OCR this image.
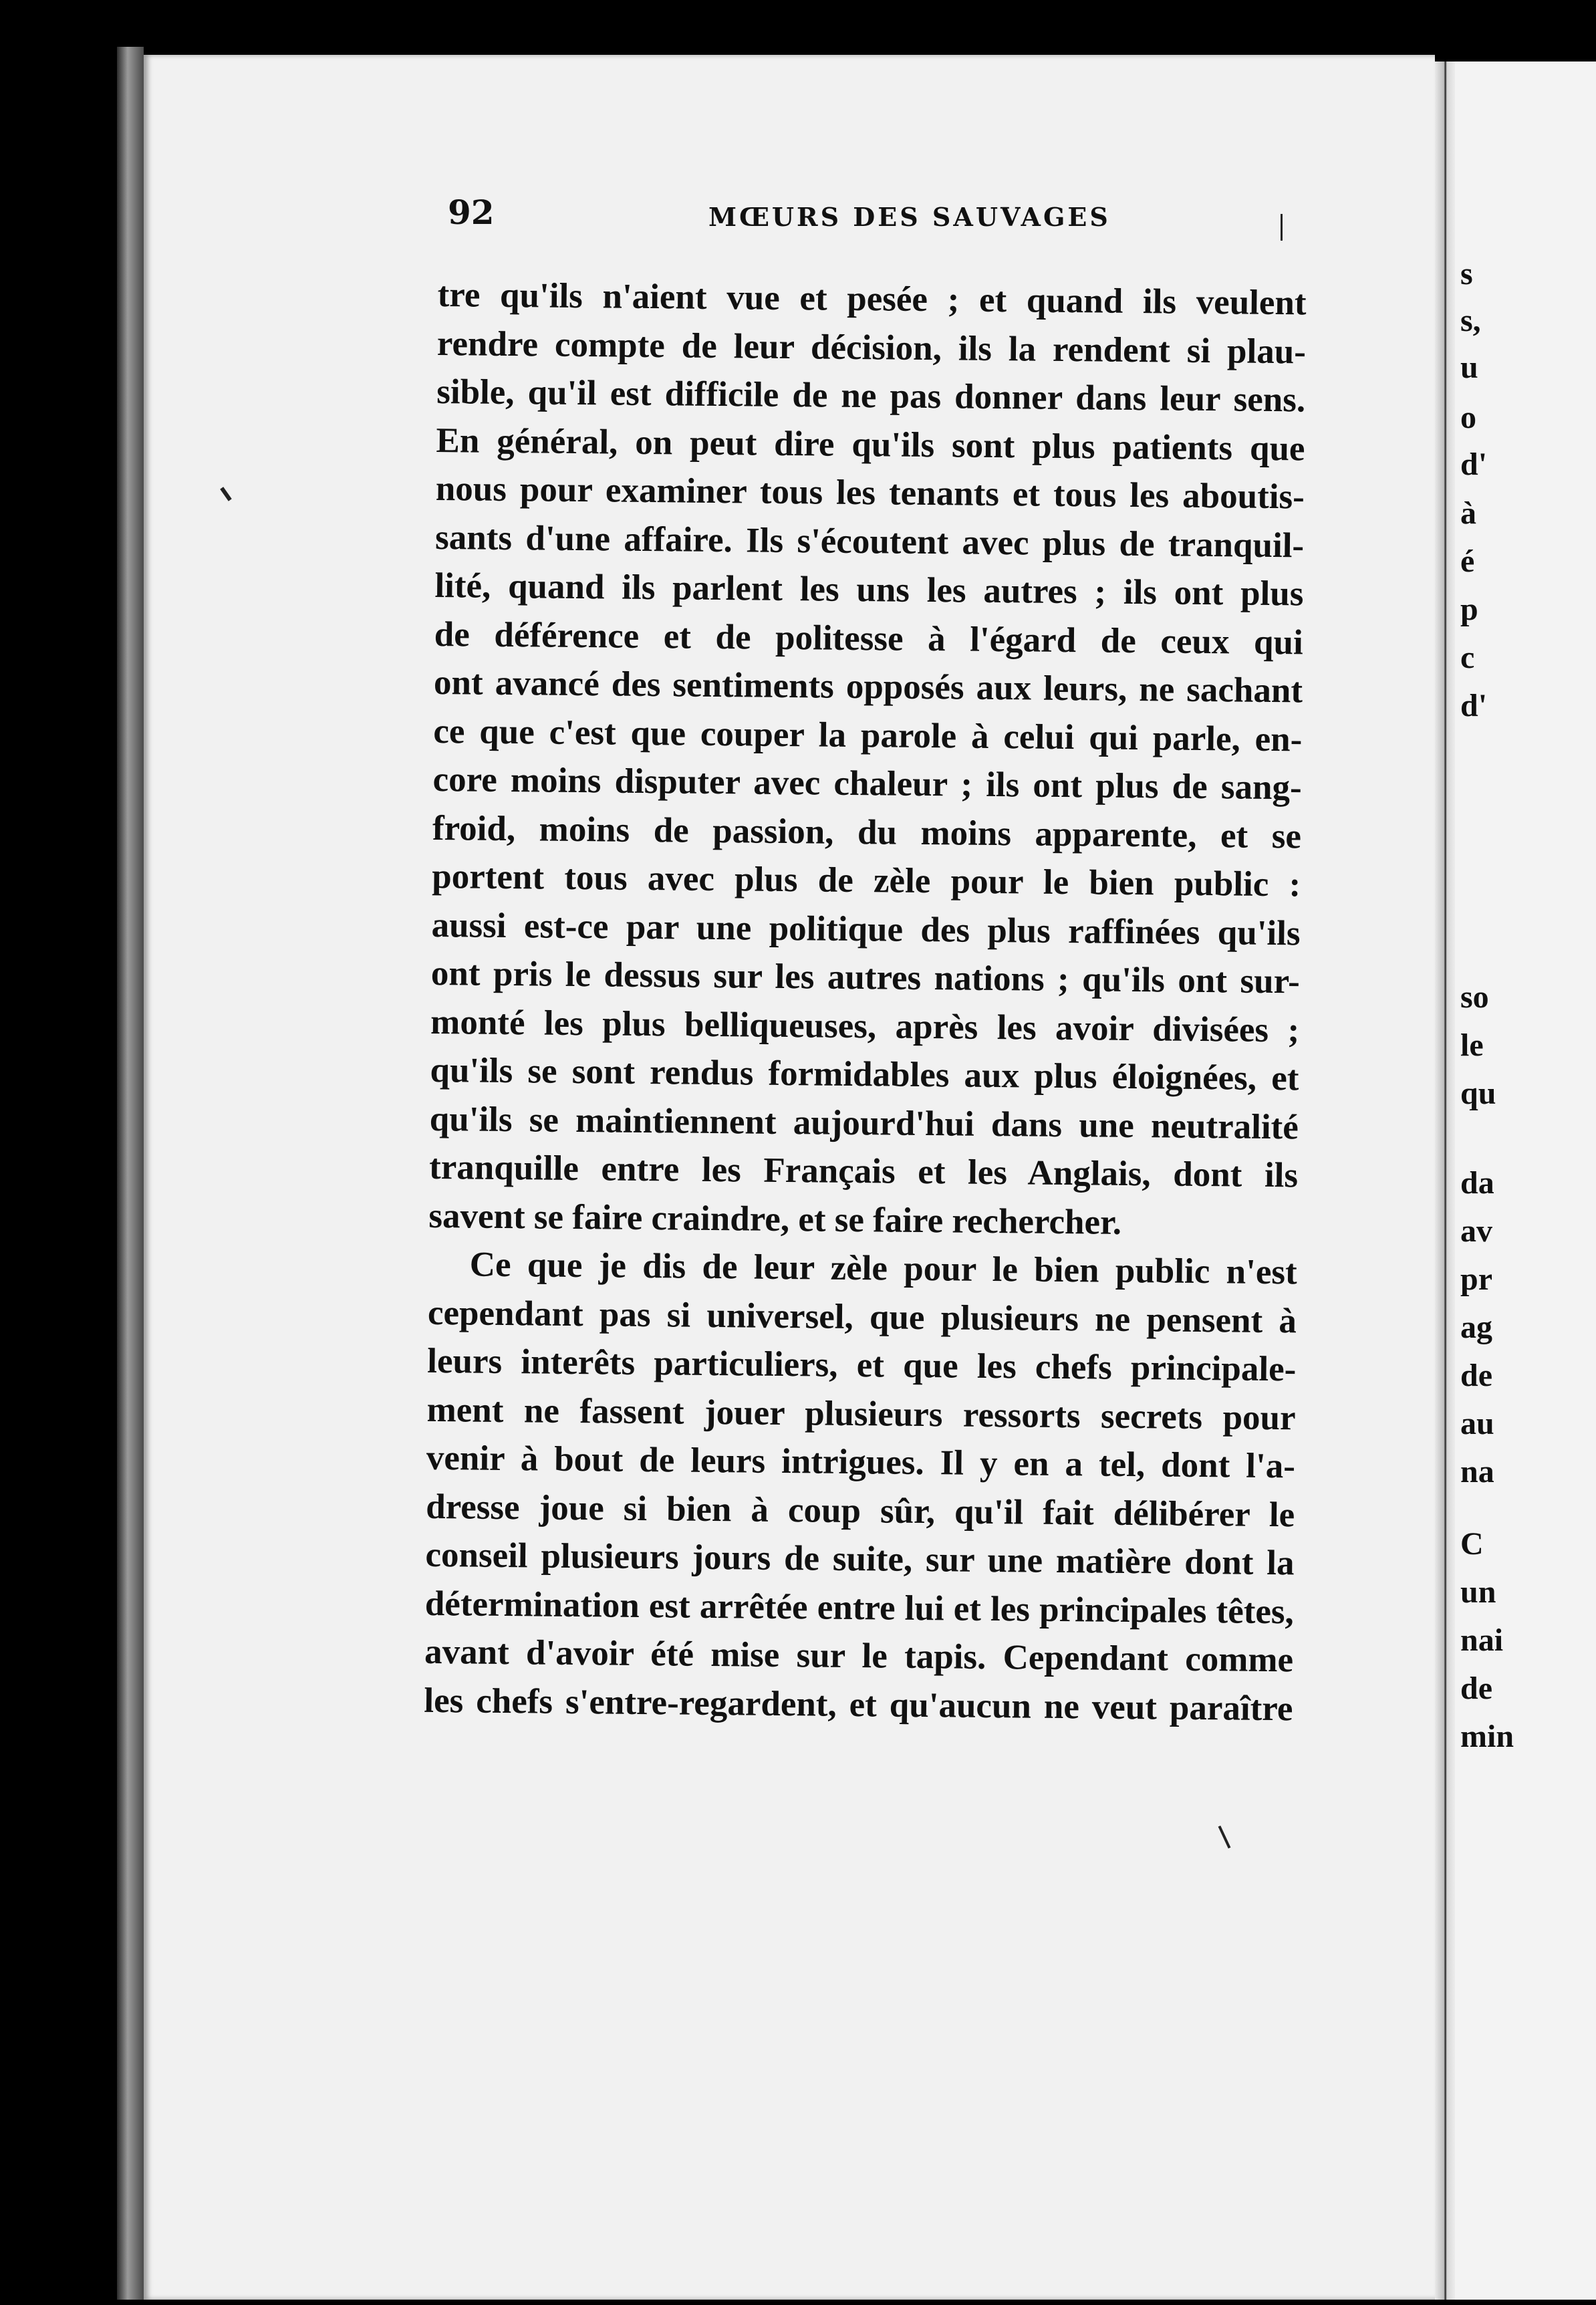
92	MŒURS DES SAUVAGES
tre qu'ils n'aient vue et pesée ; et quand ils veulent
rendre compte de leur décision, ils la rendent si plau-
sible, qu'il est difficile de ne pas donner dans leur sens.
En général, on peut dire qu'ils sont plus patients que
nous pour examiner tous les tenants et tous les aboutis-
sants d'une affaire. Ils s'écoutent avec plus de tranquil-
lité, quand ils parlent les uns les autres ; ils ont plus
de déférence et de politesse à l'égard de ceux qui
ont avancé des sentiments opposés aux leurs, ne sachant
ce que c'est que couper la parole à celui qui parle, en-
core moins disputer avec chaleur ; ils ont plus de sang-
froid, moins de passion, du moins apparente, et se
portent tous avec plus de zèle pour le bien public :
aussi est-ce par une politique des plus raffinées qu'ils
ont pris le dessus sur les autres nations ; qu'ils ont sur-
monté les plus belliqueuses, après les avoir divisées ;
qu'ils se sont rendus formidables aux plus éloignées, et
qu'ils se maintiennent aujourd'hui dans une neutralité
tranquille entre les Français et les Anglais, dont ils
savent se faire craindre, et se faire rechercher.
Ce que je dis de leur zèle pour le bien public n'est
cependant pas si universel, que plusieurs ne pensent à
leurs interêts particuliers, et que les chefs principale-
ment ne fassent jouer plusieurs ressorts secrets pour
venir à bout de leurs intrigues. Il y en a tel, dont l'a-
dresse joue si bien à coup sûr, qu'il fait délibérer le
conseil plusieurs jours de suite, sur une matière dont la
détermination est arrêtée entre lui et les principales têtes,
avant d'avoir été mise sur le tapis. Cependant comme
les chefs s'entre-regardent, et qu'aucun ne veut paraître
s
s,
u
o
d'
à
é
p
c
d'
so
le
qu
da
av
pr
ag
de
au
na
C
un
nai
de
min
